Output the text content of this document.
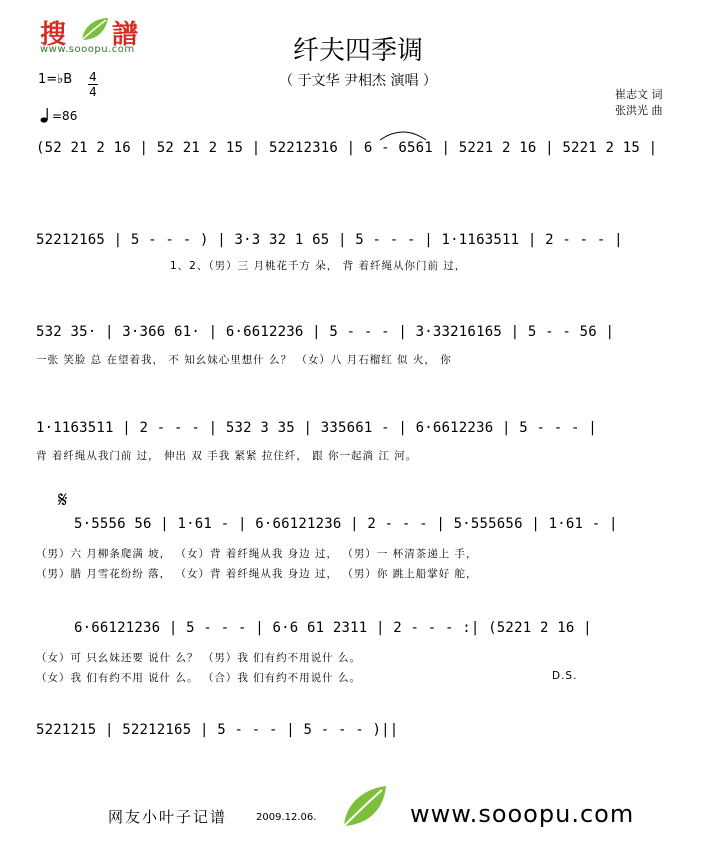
搜 譜
www.sooopu.com	纤夫四季调
（ 于文华 尹相杰 演唱 ）
崔志文 词
张洪光 曲
1=♭B 4
4
=86
(52 21 2 16 | 52 21 2 15 | 52212316 | 6 - 6561 | 5221 2 16 | 5221 2 15 |
52212165 | 5 - - - ) | 3·3 32 1 65 | 5 - - - | 1·1163511 | 2 - - - |
1、2、（男）三 月桃花千方 朵， 背 着纤绳从你门前 过，
532 35· | 3·366 61· | 6·6612236 | 5 - - - | 3·33216165 | 5 - - 56 |
一张 笑脸 总 在望着我， 不 知幺妹心里想什 么？ （女）八 月石榴红 似 火， 你
1·1163511 | 2 - - - | 532 3 35 | 335661 - | 6·6612236 | 5 - - - |
背 着纤绳从我门前 过， 伸出 双 手我 紧紧 拉住纤， 跟 你一起淌 江 河。
𝄋
5·5556 56 | 1·61 - | 6·66121236 | 2 - - - | 5·555656 | 1·61 - |
（男）六 月柳条爬满 坡， （女）背 着纤绳从我 身边 过， （男）一 杯清茶递上 手，
（男）腊 月雪花纷纷 落， （女）背 着纤绳从我 身边 过， （男）你 跳上船掌好 舵，
6·66121236 | 5 - - - | 6·6 61 2311 | 2 - - - :| (5221 2 16 |
（女）可 只幺妹还要 说什 么？ （男）我 们有约不用说什 么。
（女）我 们有约不用 说什 么。 （合）我 们有约不用说什 么。	D.S.
5221215 | 52212165 | 5 - - - | 5 - - - )||
网友小叶子记谱	2009.12.06.	www.sooopu.com
